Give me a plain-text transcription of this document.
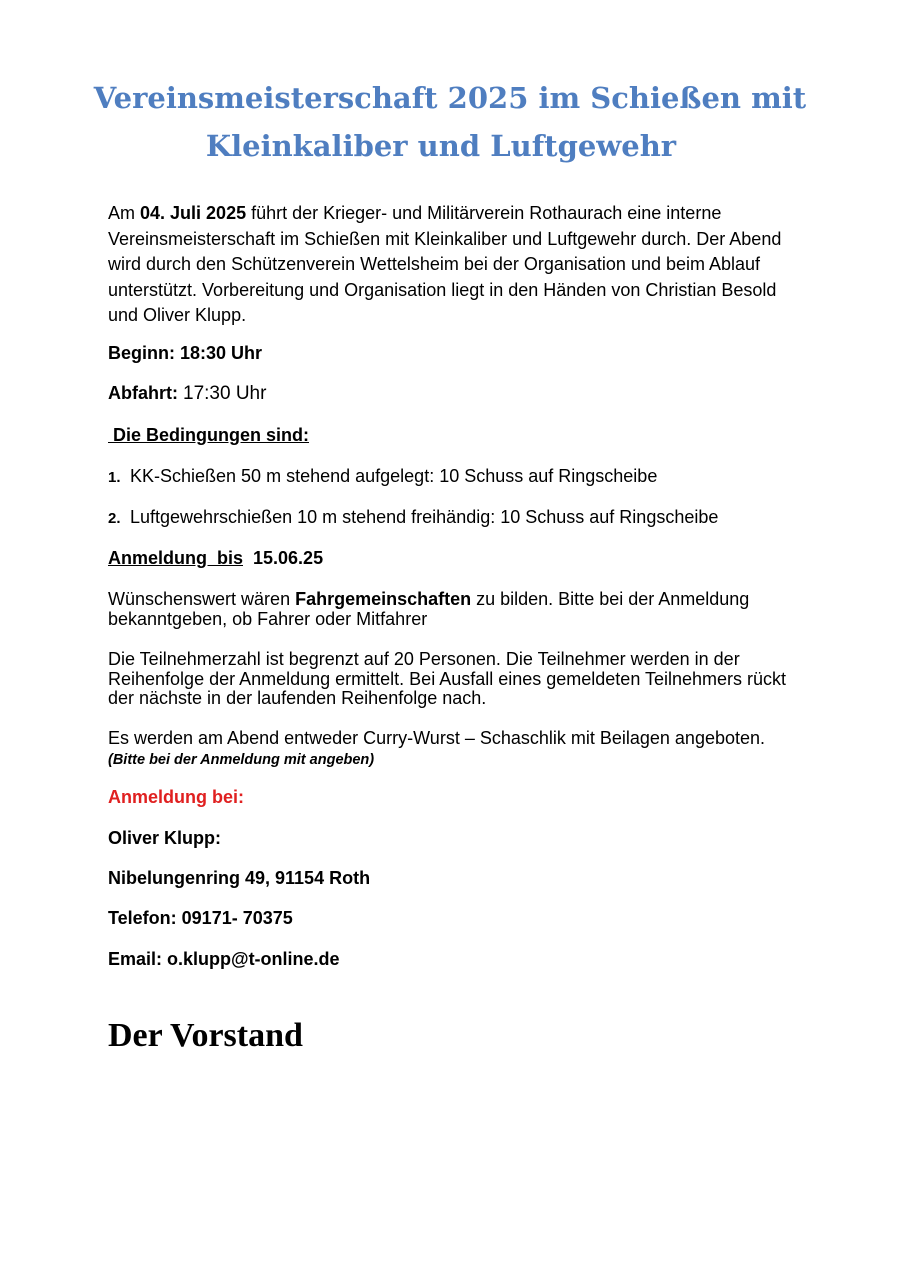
Vereinsmeisterschaft 2025 im Schießen mit
Kleinkaliber und Luftgewehr
Am 04. Juli 2025 führt der Krieger- und Militärverein Rothaurach eine interne Vereinsmeisterschaft im Schießen mit Kleinkaliber und Luftgewehr durch. Der Abend wird durch den Schützenverein Wettelsheim bei der Organisation und beim Ablauf unterstützt. Vorbereitung und Organisation liegt in den Händen von Christian Besold und Oliver Klupp.
Beginn: 18:30 Uhr
Abfahrt: 17:30 Uhr
Die Bedingungen sind:
1. KK-Schießen 50 m stehend aufgelegt: 10 Schuss auf Ringscheibe
2. Luftgewehrschießen 10 m stehend freihändig: 10 Schuss auf Ringscheibe
Anmeldung  bis 15.06.25
Wünschenswert wären Fahrgemeinschaften zu bilden. Bitte bei der Anmeldung bekanntgeben, ob Fahrer oder Mitfahrer
Die Teilnehmerzahl ist begrenzt auf 20 Personen. Die Teilnehmer werden in der Reihenfolge der Anmeldung ermittelt. Bei Ausfall eines gemeldeten Teilnehmers rückt der nächste in der laufenden Reihenfolge nach.
Es werden am Abend entweder Curry-Wurst – Schaschlik mit Beilagen angeboten. (Bitte bei der Anmeldung mit angeben)
Anmeldung bei:
Oliver Klupp:
Nibelungenring 49, 91154 Roth
Telefon: 09171- 70375
Email: o.klupp@t-online.de
Der Vorstand
